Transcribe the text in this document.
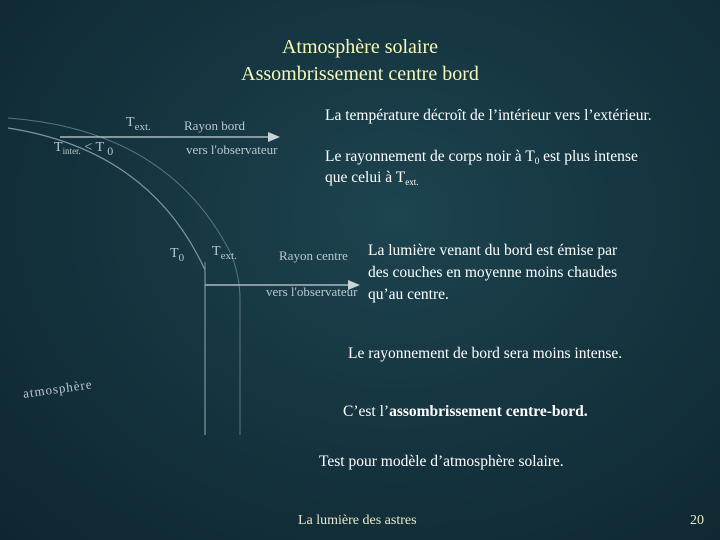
Atmosphère solaire
Assombrissement centre bord
$T_{ext.}$	Rayon bord
$T_{inter.} < T$ 0	vers l'observateur
$T_0$ $T_{ext.}$	Rayon centre
vers l'observateur
atmosphère
La température décroît de l’intérieur vers l’extérieur.
Le rayonnement de corps noir à $T_0$ est plus intense
que celui à $T_{ext.}$
La lumière venant du bord est émise par
des couches en moyenne moins chaudes
qu’au centre.
Le rayonnement de bord sera moins intense.
C’est l’assombrissement centre-bord.
Test pour modèle d’atmosphère solaire.
La lumière des astres	20
